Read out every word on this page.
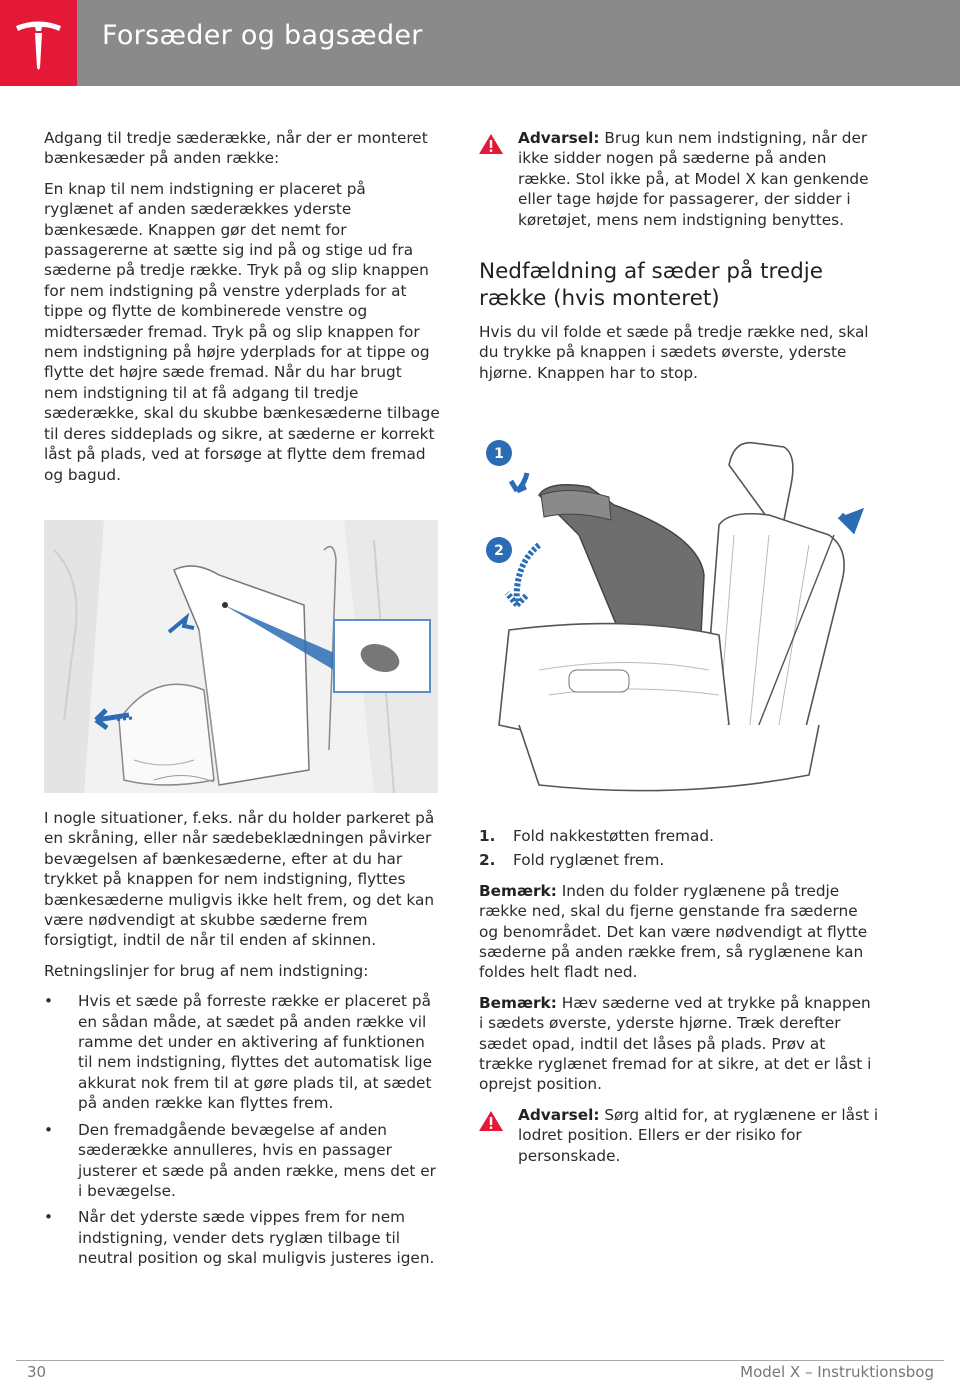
Forsæder og bagsæder

Adgang til tredje sæderække, når der er monteret bænkesæder på anden række:

En knap til nem indstigning er placeret på ryglænet af anden sæderækkes yderste bænkesæde. Knappen gør det nemt for passagererne at sætte sig ind på og stige ud fra sæderne på tredje række. Tryk på og slip knappen for nem indstigning på venstre yderplads for at tippe og flytte de kombinerede venstre og midtersæder fremad. Tryk på og slip knappen for nem indstigning på højre yderplads for at tippe og flytte det højre sæde fremad. Når du har brugt nem indstigning til at få adgang til tredje sæderække, skal du skubbe bænkesæderne tilbage til deres siddeplads og sikre, at sæderne er korrekt låst på plads, ved at forsøge at flytte dem fremad og bagud.

I nogle situationer, f.eks. når du holder parkeret på en skråning, eller når sædebeklædningen påvirker bevægelsen af bænkesæderne, efter at du har trykket på knappen for nem indstigning, flyttes bænkesæderne muligvis ikke helt frem, og det kan være nødvendigt at skubbe sæderne frem forsigtigt, indtil de når til enden af skinnen.

Retningslinjer for brug af nem indstigning:

• Hvis et sæde på forreste række er placeret på en sådan måde, at sædet på anden række vil ramme det under en aktivering af funktionen til nem indstigning, flyttes det automatisk lige akkurat nok frem til at gøre plads til, at sædet på anden række kan flyttes frem.
• Den fremadgående bevægelse af anden sæderække annulleres, hvis en passager justerer et sæde på anden række, mens det er i bevægelse.
• Når det yderste sæde vippes frem for nem indstigning, vender dets ryglæn tilbage til neutral position og skal muligvis justeres igen.

Advarsel: Brug kun nem indstigning, når der ikke sidder nogen på sæderne på anden række. Stol ikke på, at Model X kan genkende eller tage højde for passagerer, der sidder i køretøjet, mens nem indstigning benyttes.

Nedfældning af sæder på tredje række (hvis monteret)

Hvis du vil folde et sæde på tredje række ned, skal du trykke på knappen i sædets øverste, yderste hjørne. Knappen har to stop.

1
2
1. Fold nakkestøtten fremad.
2. Fold ryglænet frem.

Bemærk: Inden du folder ryglænene på tredje række ned, skal du fjerne genstande fra sæderne og benområdet. Det kan være nødvendigt at flytte sæderne på anden række frem, så ryglænene kan foldes helt fladt ned.

Bemærk: Hæv sæderne ved at trykke på knappen i sædets øverste, yderste hjørne. Træk derefter sædet opad, indtil det låses på plads. Prøv at trække ryglænet fremad for at sikre, at det er låst i oprejst position.

Advarsel: Sørg altid for, at ryglænene er låst i lodret position. Ellers er der risiko for personskade.

30	Model X – Instruktionsbog
